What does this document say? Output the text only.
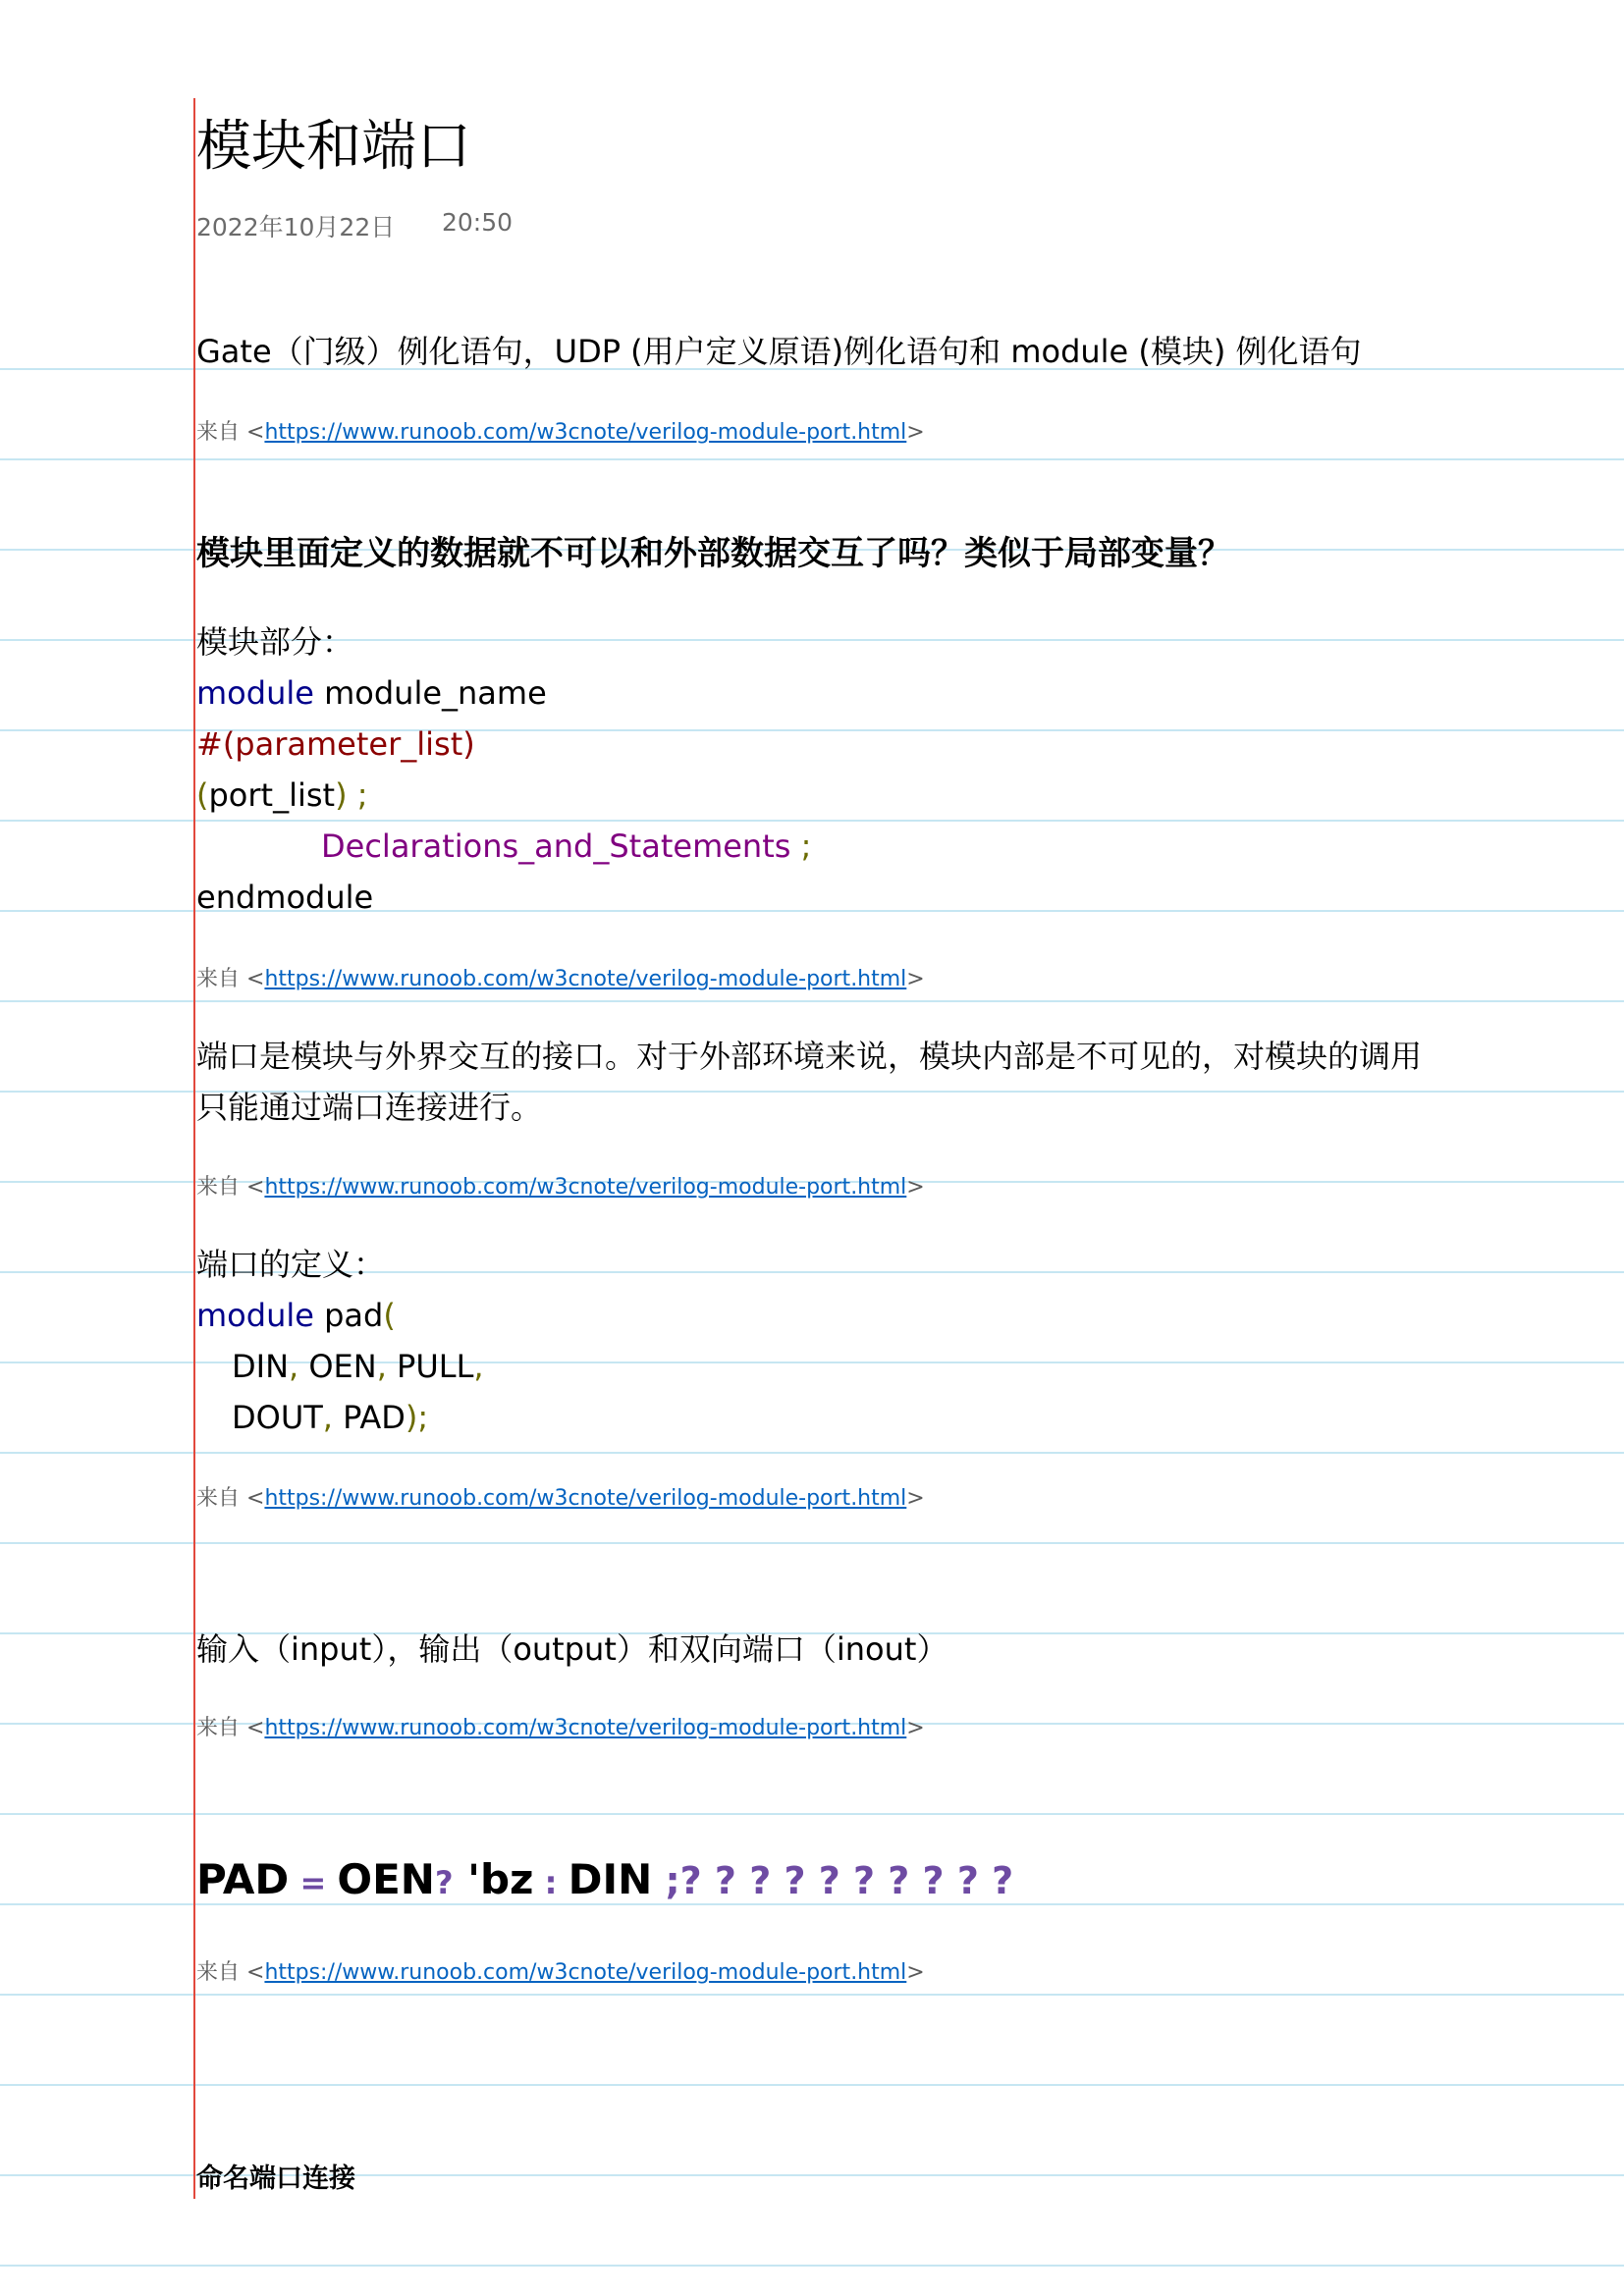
模块和端口
2022年10月22日 20:50
Gate（门级）例化语句，UDP (用户定义原语)例化语句和 module (模块) 例化语句
来自 <https://www.runoob.com/w3cnote/verilog-module-port.html>
模块里面定义的数据就不可以和外部数据交互了吗？类似于局部变量？
模块部分：
module module_name
#(parameter_list)
(port_list) ;
Declarations_and_Statements ;
endmodule
来自 <https://www.runoob.com/w3cnote/verilog-module-port.html>
端口是模块与外界交互的接口。对于外部环境来说，模块内部是不可见的，对模块的调用
只能通过端口连接进行。
来自 <https://www.runoob.com/w3cnote/verilog-module-port.html>
端口的定义：
module pad(
DIN, OEN, PULL,
DOUT, PAD);
来自 <https://www.runoob.com/w3cnote/verilog-module-port.html>
输入（input），输出（output）和双向端口（inout）
来自 <https://www.runoob.com/w3cnote/verilog-module-port.html>
PAD = OEN? 'bz : DIN ;? ? ? ? ? ? ? ? ? ?
来自 <https://www.runoob.com/w3cnote/verilog-module-port.html>
命名端口连接
